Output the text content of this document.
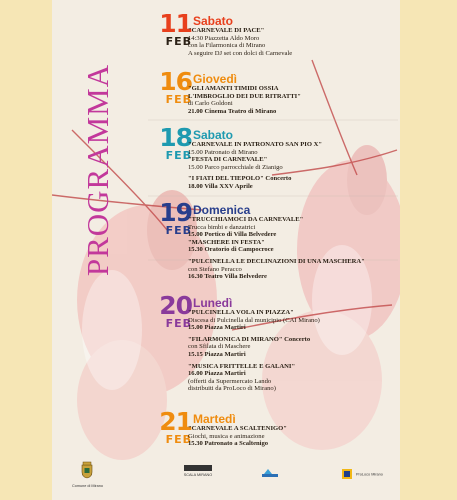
PROGRAMMA
11
FEB
Sabato
"CARNEVALE DI PACE"
14:30 Piazzetta Aldo Moro
con la Filarmonica di Mirano
A seguire DJ set con dolci di Carnevale
16
FEB
Giovedì
"GLI AMANTI TIMIDI OSSIA
L'IMBROGLIO DEI DUE RITRATTI"
di Carlo Goldoni
21.00 Cinema Teatro di Mirano
18
FEB
Sabato
"CARNEVALE IN PATRONATO SAN PIO X"
15.00 Patronato di Mirano
"FESTA DI CARNEVALE"
15.00 Parco parrocchiale di Zianigo
"I FIATI DEL TIEPOLO" Concerto
18.00 Villa XXV Aprile
19
FEB
Domenica
"TRUCCHIAMOCI DA CARNEVALE"
Trucca bimbi e danzatrici
15.00 Portico di Villa Belvedere
"MASCHERE IN FESTA"
15.30 Oratorio di Campocroce
"PULCINELLA LE DECLINAZIONI DI UNA MASCHERA"
con Stefano Peracco
16.30 Teatro Villa Belvedere
20
FEB
Lunedì
"PULCINELLA VOLA IN PIAZZA"
Discesa di Pulcinella dal municipio (CAI Mirano)
15.00 Piazza Martiri
"FILARMONICA DI MIRANO" Concerto
con Sfilata di Maschere
15.15 Piazza Martiri
"MUSICA FRITTELLE E GALANI"
16.00 Piazza Martiri
(offerti da Supermercato Lando
distribuiti da ProLoco di Mirano)
21
FEB
Martedì
"CARNEVALE A SCALTENIGO"
Giochi, musica e animazione
15.30 Patronato a Scaltenigo
Comune di Mirano
SCALA MIRANO	ProLoco Mirano
